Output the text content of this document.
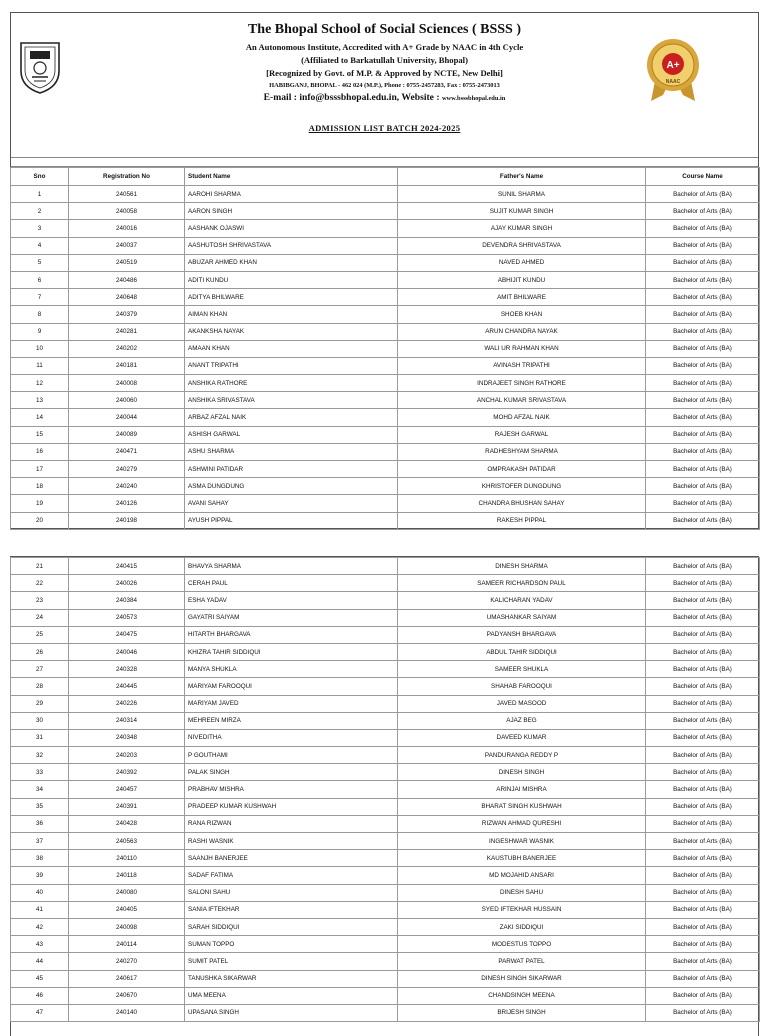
The Bhopal School of Social Sciences ( BSSS )
An Autonomous Institute, Accredited with A+ Grade by NAAC in 4th Cycle
(Affiliated to Barkatullah University, Bhopal)
[Recognized by Govt. of M.P. & Approved by NCTE, New Delhi]
HABIBGANJ, BHOPAL - 462 024 (M.P.), Phone : 0755-2457283, Fax : 0755-2473013
E-mail : info@bsssbhopal.edu.in, Website : www.bsssbhopal.edu.in
ADMISSION LIST BATCH 2024-2025
A+
NAAC
Sno	Registration No	Student Name	Father's Name	Course Name
1	240561	AAROHI SHARMA	SUNIL SHARMA	Bachelor of Arts (BA)
2	240058	AARON SINGH	SUJIT KUMAR SINGH	Bachelor of Arts (BA)
3	240016	AASHANK OJASWI	AJAY KUMAR SINGH	Bachelor of Arts (BA)
4	240037	AASHUTOSH SHRIVASTAVA	DEVENDRA SHRIVASTAVA	Bachelor of Arts (BA)
5	240519	ABUZAR AHMED KHAN	NAVED AHMED	Bachelor of Arts (BA)
6	240486	ADITI KUNDU	ABHIJIT KUNDU	Bachelor of Arts (BA)
7	240648	ADITYA BHILWARE	AMIT BHILWARE	Bachelor of Arts (BA)
8	240379	AIMAN KHAN	SHOEB KHAN	Bachelor of Arts (BA)
9	240281	AKANKSHA NAYAK	ARUN CHANDRA NAYAK	Bachelor of Arts (BA)
10	240202	AMAAN KHAN	WALI UR RAHMAN KHAN	Bachelor of Arts (BA)
11	240181	ANANT TRIPATHI	AVINASH TRIPATHI	Bachelor of Arts (BA)
12	240008	ANSHIKA RATHORE	INDRAJEET SINGH RATHORE	Bachelor of Arts (BA)
13	240060	ANSHIKA SRIVASTAVA	ANCHAL KUMAR SRIVASTAVA	Bachelor of Arts (BA)
14	240044	ARBAZ AFZAL NAIK	MOHD AFZAL NAIK	Bachelor of Arts (BA)
15	240089	ASHISH GARWAL	RAJESH GARWAL	Bachelor of Arts (BA)
16	240471	ASHU SHARMA	RADHESHYAM SHARMA	Bachelor of Arts (BA)
17	240279	ASHWINI PATIDAR	OMPRAKASH PATIDAR	Bachelor of Arts (BA)
18	240240	ASMA DUNGDUNG	KHRISTOFER DUNGDUNG	Bachelor of Arts (BA)
19	240126	AVANI SAHAY	CHANDRA BHUSHAN SAHAY	Bachelor of Arts (BA)
20	240198	AYUSH PIPPAL	RAKESH PIPPAL	Bachelor of Arts (BA)
21	240415	BHAVYA SHARMA	DINESH SHARMA	Bachelor of Arts (BA)
22	240026	CERAH PAUL	SAMEER RICHARDSON PAUL	Bachelor of Arts (BA)
23	240384	ESHA YADAV	KALICHARAN YADAV	Bachelor of Arts (BA)
24	240573	GAYATRI SAIYAM	UMASHANKAR SAIYAM	Bachelor of Arts (BA)
25	240475	HITARTH BHARGAVA	PADYANSH BHARGAVA	Bachelor of Arts (BA)
26	240046	KHIZRA TAHIR SIDDIQUI	ABDUL TAHIR SIDDIQUI	Bachelor of Arts (BA)
27	240328	MANYA SHUKLA	SAMEER SHUKLA	Bachelor of Arts (BA)
28	240445	MARIYAM FAROOQUI	SHAHAB FAROOQUI	Bachelor of Arts (BA)
29	240226	MARIYAM JAVED	JAVED MASOOD	Bachelor of Arts (BA)
30	240314	MEHREEN MIRZA	AJAZ BEG	Bachelor of Arts (BA)
31	240348	NIVEDITHA	DAVEED KUMAR	Bachelor of Arts (BA)
32	240203	P GOUTHAMI	PANDURANGA REDDY P	Bachelor of Arts (BA)
33	240392	PALAK SINGH	DINESH SINGH	Bachelor of Arts (BA)
34	240457	PRABHAV MISHRA	ARINJAI MISHRA	Bachelor of Arts (BA)
35	240391	PRADEEP KUMAR KUSHWAH	BHARAT SINGH KUSHWAH	Bachelor of Arts (BA)
36	240428	RANA RIZWAN	RIZWAN AHMAD QURESHI	Bachelor of Arts (BA)
37	240563	RASHI WASNIK	INGESHWAR WASNIK	Bachelor of Arts (BA)
38	240110	SAANJH BANERJEE	KAUSTUBH BANERJEE	Bachelor of Arts (BA)
39	240118	SADAF FATIMA	MD MOJAHID ANSARI	Bachelor of Arts (BA)
40	240080	SALONI SAHU	DINESH SAHU	Bachelor of Arts (BA)
41	240405	SANIA IFTEKHAR	SYED IFTEKHAR HUSSAIN	Bachelor of Arts (BA)
42	240098	SARAH SIDDIQUI	ZAKI SIDDIQUI	Bachelor of Arts (BA)
43	240114	SUMAN TOPPO	MODESTUS TOPPO	Bachelor of Arts (BA)
44	240270	SUMIT PATEL	PARWAT PATEL	Bachelor of Arts (BA)
45	240617	TANUSHKA SIKARWAR	DINESH SINGH SIKARWAR	Bachelor of Arts (BA)
46	240670	UMA MEENA	CHANDSINGH MEENA	Bachelor of Arts (BA)
47	240140	UPASANA SINGH	BRIJESH SINGH	Bachelor of Arts (BA)
